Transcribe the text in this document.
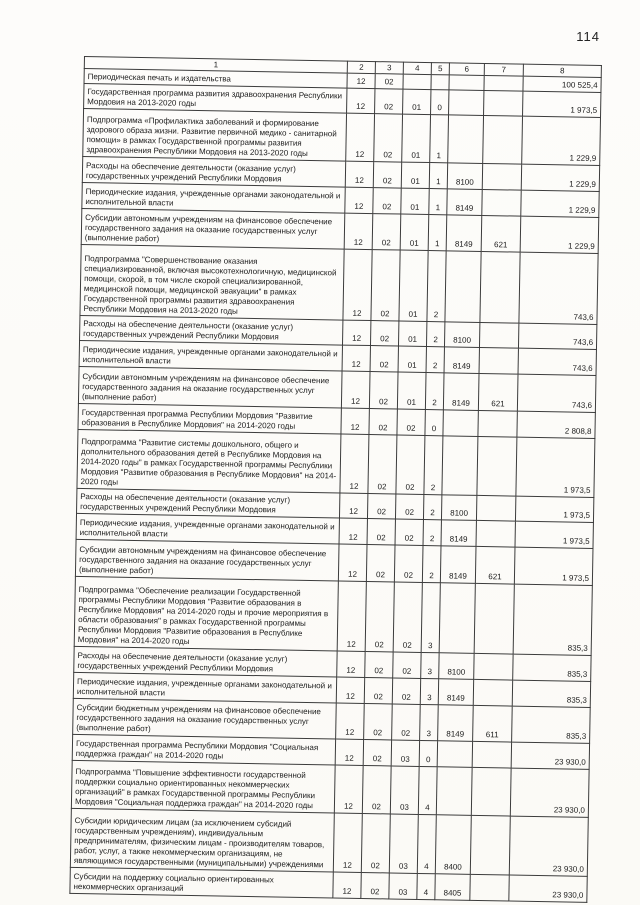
114
1	2	3	4	5	6	7	8
Периодическая печать и издательства	12	02					100 525,4
Государственная программа развития здравоохранения Республики Мордовия на 2013-2020 годы	12	02	01	0			1 973,5
Подпрограмма «Профилактика заболеваний и формирование здорового образа жизни. Развитие первичной медико - санитарной помощи» в рамках Государственной программы развития здравоохранения Республики Мордовия на 2013-2020 годы	12	02	01	1			1 229,9
Расходы на обеспечение деятельности (оказание услуг) государственных учреждений Республики Мордовия	12	02	01	1	8100		1 229,9
Периодические издания, учрежденные органами законодательной и исполнительной власти	12	02	01	1	8149		1 229,9
Субсидии автономным учреждениям на финансовое обеспечение государственного задания на оказание государственных услуг (выполнение работ)	12	02	01	1	8149	621	1 229,9
Подпрограмма "Совершенствование оказания специализированной, включая высокотехнологичную, медицинской помощи, скорой, в том числе скорой специализированной, медицинской помощи, медицинской эвакуации" в рамках Государственной программы развития здравоохранения Республики Мордовия на 2013-2020 годы	12	02	01	2			743,6
Расходы на обеспечение деятельности (оказание услуг) государственных учреждений Республики Мордовия	12	02	01	2	8100		743,6
Периодические издания, учрежденные органами законодательной и исполнительной власти	12	02	01	2	8149		743,6
Субсидии автономным учреждениям на финансовое обеспечение государственного задания на оказание государственных услуг (выполнение работ)	12	02	01	2	8149	621	743,6
Государственная программа Республики Мордовия "Развитие образования в Республике Мордовия" на 2014-2020 годы	12	02	02	0			2 808,8
Подпрограмма "Развитие системы дошкольного, общего и дополнительного образования детей в Республике Мордовия на 2014-2020 годы" в рамках Государственной программы Республики Мордовия "Развитие образования в Республике Мордовия" на 2014-2020 годы	12	02	02	2			1 973,5
Расходы на обеспечение деятельности (оказание услуг) государственных учреждений Республики Мордовия	12	02	02	2	8100		1 973,5
Периодические издания, учрежденные органами законодательной и исполнительной власти	12	02	02	2	8149		1 973,5
Субсидии автономным учреждениям на финансовое обеспечение государственного задания на оказание государственных услуг (выполнение работ)	12	02	02	2	8149	621	1 973,5
Подпрограмма "Обеспечение реализации Государственной программы Республики Мордовия "Развитие образования в Республике Мордовия" на 2014-2020 годы и прочие мероприятия в области образования" в рамках Государственной программы Республики Мордовия "Развитие образования в Республике Мордовия" на 2014-2020 годы	12	02	02	3			835,3
Расходы на обеспечение деятельности (оказание услуг) государственных учреждений Республики Мордовия	12	02	02	3	8100		835,3
Периодические издания, учрежденные органами законодательной и исполнительной власти	12	02	02	3	8149		835,3
Субсидии бюджетным учреждениям на финансовое обеспечение государственного задания на оказание государственных услуг (выполнение работ)	12	02	02	3	8149	611	835,3
Государственная программа Республики Мордовия "Социальная поддержка граждан" на 2014-2020 годы	12	02	03	0			23 930,0
Подпрограмма "Повышение эффективности государственной поддержки социально ориентированных некоммерческих организаций" в рамках Государственной программы Республики Мордовия "Социальная поддержка граждан" на 2014-2020 годы	12	02	03	4			23 930,0
Субсидии юридическим лицам (за исключением субсидий государственным учреждениям), индивидуальным предпринимателям, физическим лицам - производителям товаров, работ, услуг, а также некоммерческим организациям, не являющимся государственными (муниципальными) учреждениями	12	02	03	4	8400		23 930,0
Субсидии на поддержку социально ориентированных некоммерческих организаций	12	02	03	4	8405		23 930,0
